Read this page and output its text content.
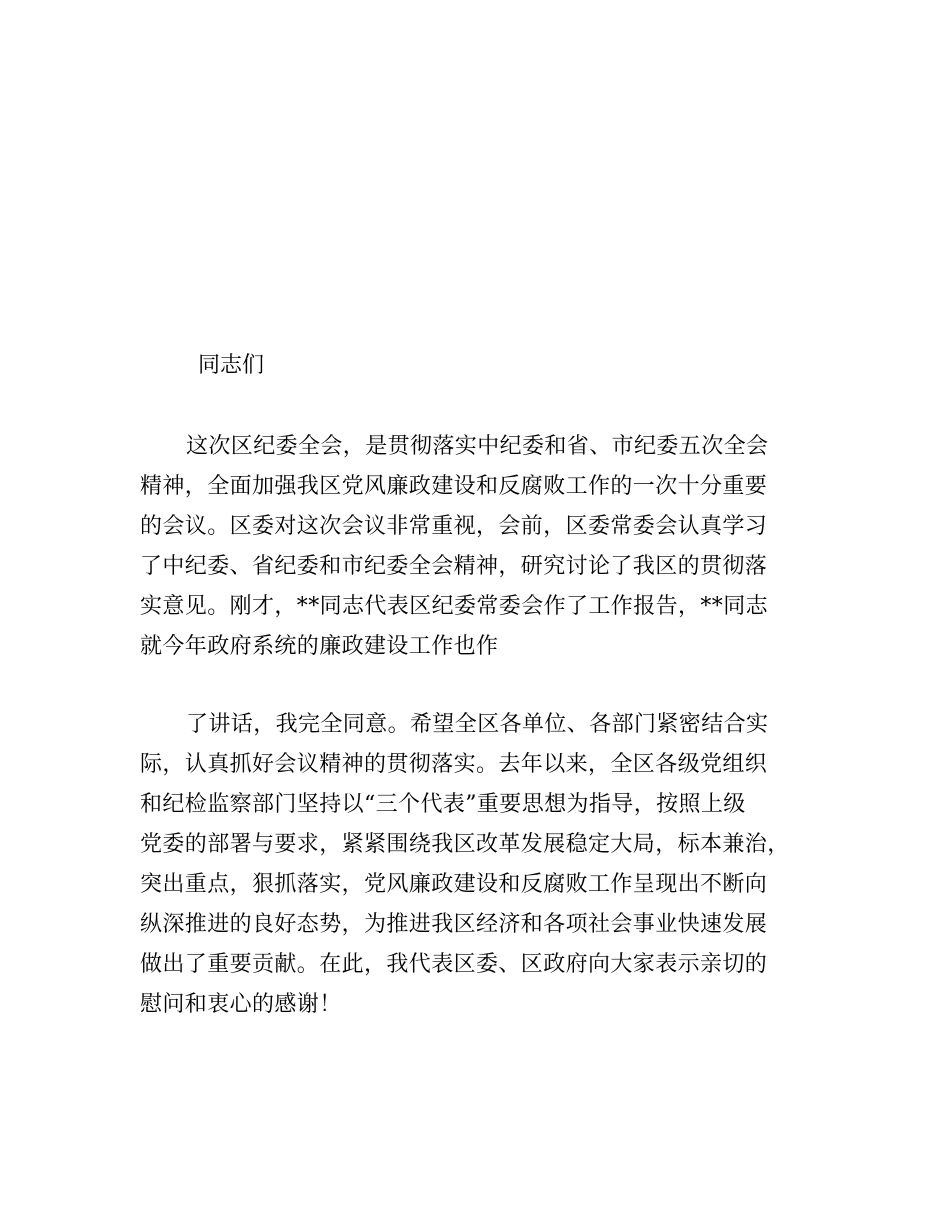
同志们
这次区纪委全会，是贯彻落实中纪委和省、市纪委五次全会
精神，全面加强我区党风廉政建设和反腐败工作的一次十分重要
的会议。区委对这次会议非常重视，会前，区委常委会认真学习
了中纪委、省纪委和市纪委全会精神，研究讨论了我区的贯彻落
实意见。刚才，**同志代表区纪委常委会作了工作报告，**同志
就今年政府系统的廉政建设工作也作
了讲话，我完全同意。希望全区各单位、各部门紧密结合实
际，认真抓好会议精神的贯彻落实。去年以来，全区各级党组织
和纪检监察部门坚持以“三个代表”重要思想为指导，按照上级
党委的部署与要求，紧紧围绕我区改革发展稳定大局，标本兼治，
突出重点，狠抓落实，党风廉政建设和反腐败工作呈现出不断向
纵深推进的良好态势，为推进我区经济和各项社会事业快速发展
做出了重要贡献。在此，我代表区委、区政府向大家表示亲切的
慰问和衷心的感谢！
